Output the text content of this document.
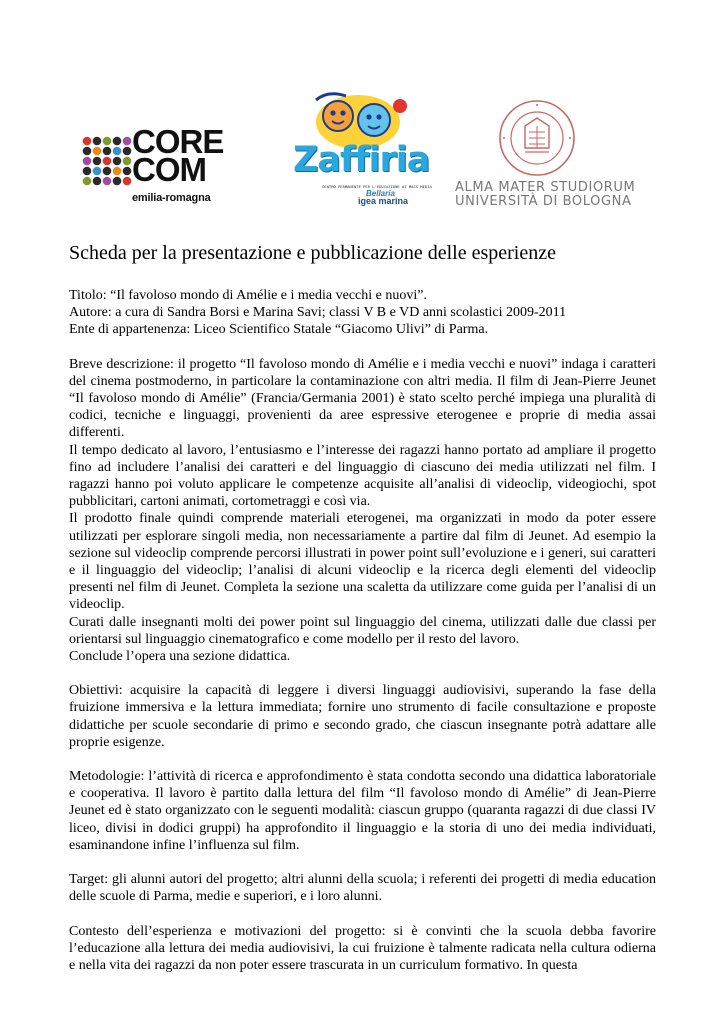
CORE
COM
emilia-romagna
Zaffiria
CENTRO PERMANENTE PER L'EDUCAZIONE AI MASS MEDIA
Bellaria
igea marina
ALMA MATER STUDIORUM
UNIVERSITÀ DI BOLOGNA
Scheda per la presentazione e pubblicazione delle esperienze

Titolo: “Il favoloso mondo di Amélie e i media vecchi e nuovi”.

Autore: a cura di Sandra Borsi e Marina Savi; classi V B e VD anni scolastici 2009-2011

Ente di appartenenza: Liceo Scientifico Statale “Giacomo Ulivi” di Parma.

Breve descrizione: il progetto “Il favoloso mondo di Amélie e i media vecchi e nuovi” indaga i caratteri del cinema postmoderno, in particolare la contaminazione con altri media. Il film di Jean-Pierre Jeunet “Il favoloso mondo di Amélie” (Francia/Germania 2001) è stato scelto perché impiega una pluralità di codici, tecniche e linguaggi, provenienti da aree espressive eterogenee e proprie di media assai differenti.

Il tempo dedicato al lavoro, l’entusiasmo e l’interesse dei ragazzi hanno portato ad ampliare il progetto fino ad includere l’analisi dei caratteri e del linguaggio di ciascuno dei media utilizzati nel film. I ragazzi hanno poi voluto applicare le competenze acquisite all’analisi di videoclip, videogiochi, spot pubblicitari, cartoni animati, cortometraggi e così via.

Il prodotto finale quindi comprende materiali eterogenei, ma organizzati in modo da poter essere utilizzati per esplorare singoli media, non necessariamente a partire dal film di Jeunet. Ad esempio la sezione sul videoclip comprende percorsi illustrati in power point sull’evoluzione e i generi, sui caratteri e il linguaggio del videoclip; l’analisi di alcuni videoclip e la ricerca degli elementi del videoclip presenti nel film di Jeunet. Completa la sezione una scaletta da utilizzare come guida per l’analisi di un videoclip.

Curati dalle insegnanti molti dei power point sul linguaggio del cinema, utilizzati dalle due classi per orientarsi sul linguaggio cinematografico e come modello per il resto del lavoro.

Conclude l’opera una sezione didattica.

Obiettivi: acquisire la capacità di leggere i diversi linguaggi audiovisivi, superando la fase della fruizione immersiva e la lettura immediata; fornire uno strumento di facile consultazione e proposte didattiche per scuole secondarie di primo e secondo grado, che ciascun insegnante potrà adattare alle proprie esigenze.

Metodologie: l’attività di ricerca e approfondimento è stata condotta secondo una didattica laboratoriale e cooperativa. Il lavoro è partito dalla lettura del film “Il favoloso mondo di Amélie” di Jean-Pierre Jeunet ed è stato organizzato con le seguenti modalità: ciascun gruppo (quaranta ragazzi di due classi IV liceo, divisi in dodici gruppi) ha approfondito il linguaggio e la storia di uno dei media individuati, esaminandone infine l’influenza sul film.

Target: gli alunni autori del progetto; altri alunni della scuola; i referenti dei progetti di media education delle scuole di Parma, medie e superiori, e i loro alunni.

Contesto dell’esperienza e motivazioni del progetto: si è convinti che la scuola debba favorire l’educazione alla lettura dei media audiovisivi, la cui fruizione è talmente radicata nella cultura odierna e nella vita dei ragazzi da non poter essere trascurata in un curriculum formativo. In questa
